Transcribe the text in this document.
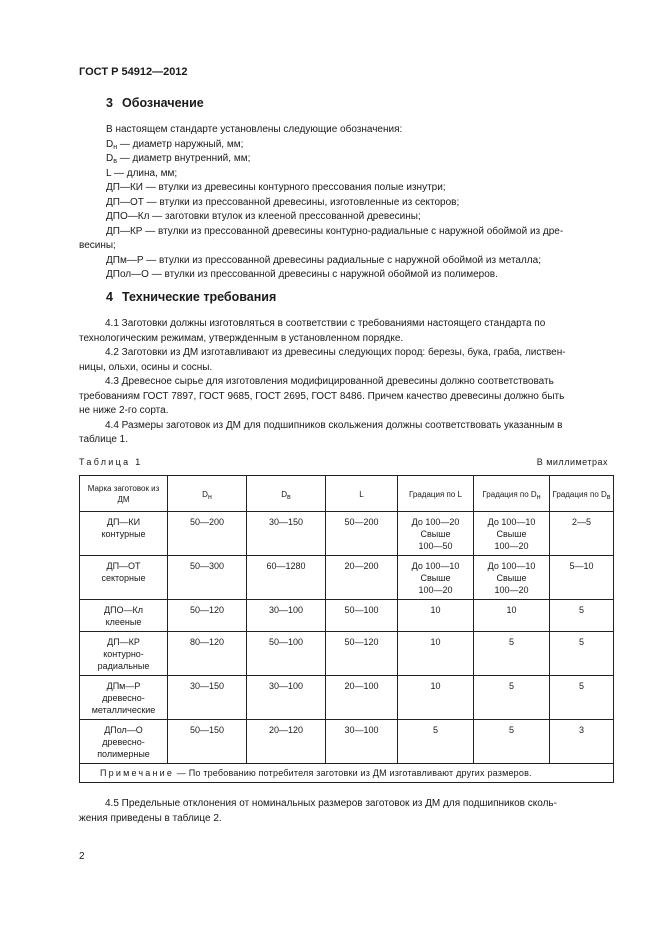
ГОСТ Р 54912—2012
3 Обозначение
В настоящем стандарте установлены следующие обозначения:
$D_н$ — диаметр наружный, мм;
$D_в$ — диаметр внутренний, мм;
L — длина, мм;
ДП—КИ — втулки из древесины контурного прессования полые изнутри;
ДП—ОТ — втулки из прессованной древесины, изготовленные из секторов;
ДПО—Кл — заготовки втулок из клееной прессованной древесины;
ДП—КР — втулки из прессованной древесины контурно-радиальные с наружной обоймой из дре-
весины;
ДПм—Р — втулки из прессованной древесины радиальные с наружной обоймой из металла;
ДПол—О — втулки из прессованной древесины с наружной обоймой из полимеров.
4 Технические требования
4.1 Заготовки должны изготовляться в соответствии с требованиями настоящего стандарта по
технологическим режимам, утвержденным в установленном порядке.
4.2 Заготовки из ДМ изготавливают из древесины следующих пород: березы, бука, граба, листвен-
ницы, ольхи, осины и сосны.
4.3 Древесное сырье для изготовления модифицированной древесины должно соответствовать
требованиям ГОСТ 7897, ГОСТ 9685, ГОСТ 2695, ГОСТ 8486. Причем качество древесины должно быть
не ниже 2-го сорта.
4.4 Размеры заготовок из ДМ для подшипников скольжения должны соответствовать указанным в
таблице 1.
Таблица 1	В миллиметрах
Марка заготовок из ДМ	$D_н$	$D_в$	L	Градация по L	Градация по $D_н$	Градация по $D_в$
ДП—КИ
контурные	50—200	30—150	50—200	До 100—20
Свыше
100—50	До 100—10
Свыше
100—20	2—5
ДП—ОТ
секторные	50—300	60—1280	20—200	До 100—10
Свыше
100—20	До 100—10
Свыше
100—20	5—10
ДПО—Кл
клееные	50—120	30—100	50—100	10	10	5
ДП—КР
контурно-
радиальные	80—120	50—100	50—120	10	5	5
ДПм—Р
древесно-
металлические	30—150	30—100	20—100	10	5	5
ДПол—О
древесно-
полимерные	50—150	20—120	30—100	5	5	3
Примечание — По требованию потребителя заготовки из ДМ изготавливают других размеров.						
4.5 Предельные отклонения от номинальных размеров заготовок из ДМ для подшипников сколь-
жения приведены в таблице 2.
2
